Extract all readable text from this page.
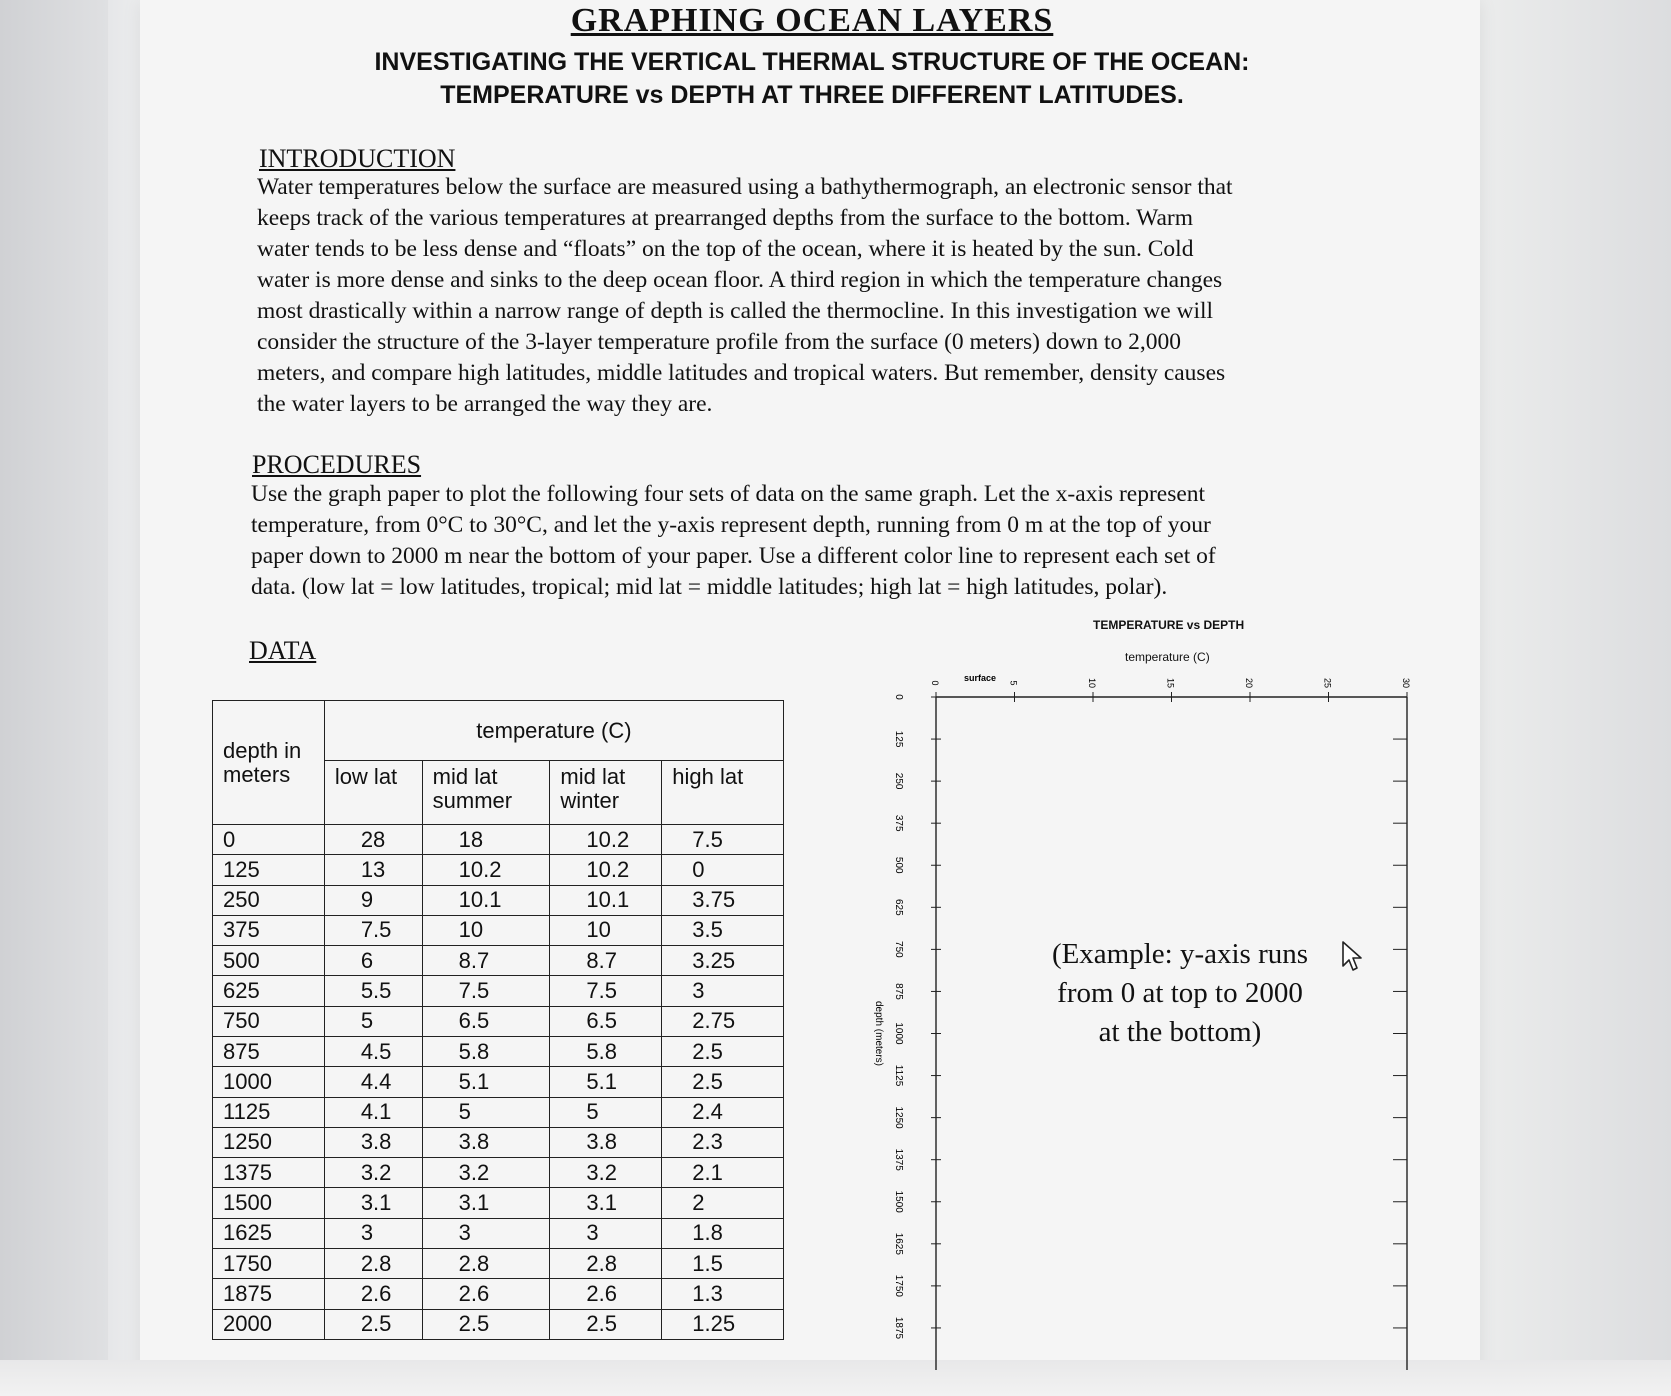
GRAPHING OCEAN LAYERS
INVESTIGATING THE VERTICAL THERMAL STRUCTURE OF THE OCEAN:
TEMPERATURE vs DEPTH AT THREE DIFFERENT LATITUDES.
INTRODUCTION
Water temperatures below the surface are measured using a bathythermograph, an electronic sensor that
keeps track of the various temperatures at prearranged depths from the surface to the bottom. Warm
water tends to be less dense and “floats” on the top of the ocean, where it is heated by the sun. Cold
water is more dense and sinks to the deep ocean floor. A third region in which the temperature changes
most drastically within a narrow range of depth is called the thermocline. In this investigation we will
consider the structure of the 3-layer temperature profile from the surface (0 meters) down to 2,000
meters, and compare high latitudes, middle latitudes and tropical waters. But remember, density causes
the water layers to be arranged the way they are.
PROCEDURES
Use the graph paper to plot the following four sets of data on the same graph. Let the x-axis represent
temperature, from 0°C to 30°C, and let the y-axis represent depth, running from 0 m at the top of your
paper down to 2000 m near the bottom of your paper. Use a different color line to represent each set of
data. (low lat = low latitudes, tropical; mid lat = middle latitudes; high lat = high latitudes, polar).
DATA
depth in meters	temperature (C)			
	low lat	mid lat summer	mid lat winter	high lat
0	28	18	10.2	7.5
125	13	10.2	10.2	0
250	9	10.1	10.1	3.75
375	7.5	10	10	3.5
500	6	8.7	8.7	3.25
625	5.5	7.5	7.5	3
750	5	6.5	6.5	2.75
875	4.5	5.8	5.8	2.5
1000	4.4	5.1	5.1	2.5
1125	4.1	5	5	2.4
1250	3.8	3.8	3.8	2.3
1375	3.2	3.2	3.2	2.1
1500	3.1	3.1	3.1	2
1625	3	3	3	1.8
1750	2.8	2.8	2.8	1.5
1875	2.6	2.6	2.6	1.3
2000	2.5	2.5	2.5	1.25
TEMPERATURE vs DEPTH
temperature (C)
0	5	10	15	20	25	30
surface
0
125
250
375
500
625
750
875
1000
1125
1250
1375
1500
1625
1750
1875
depth (meters)
(Example: y-axis runs
from 0 at top to 2000
at the bottom)
